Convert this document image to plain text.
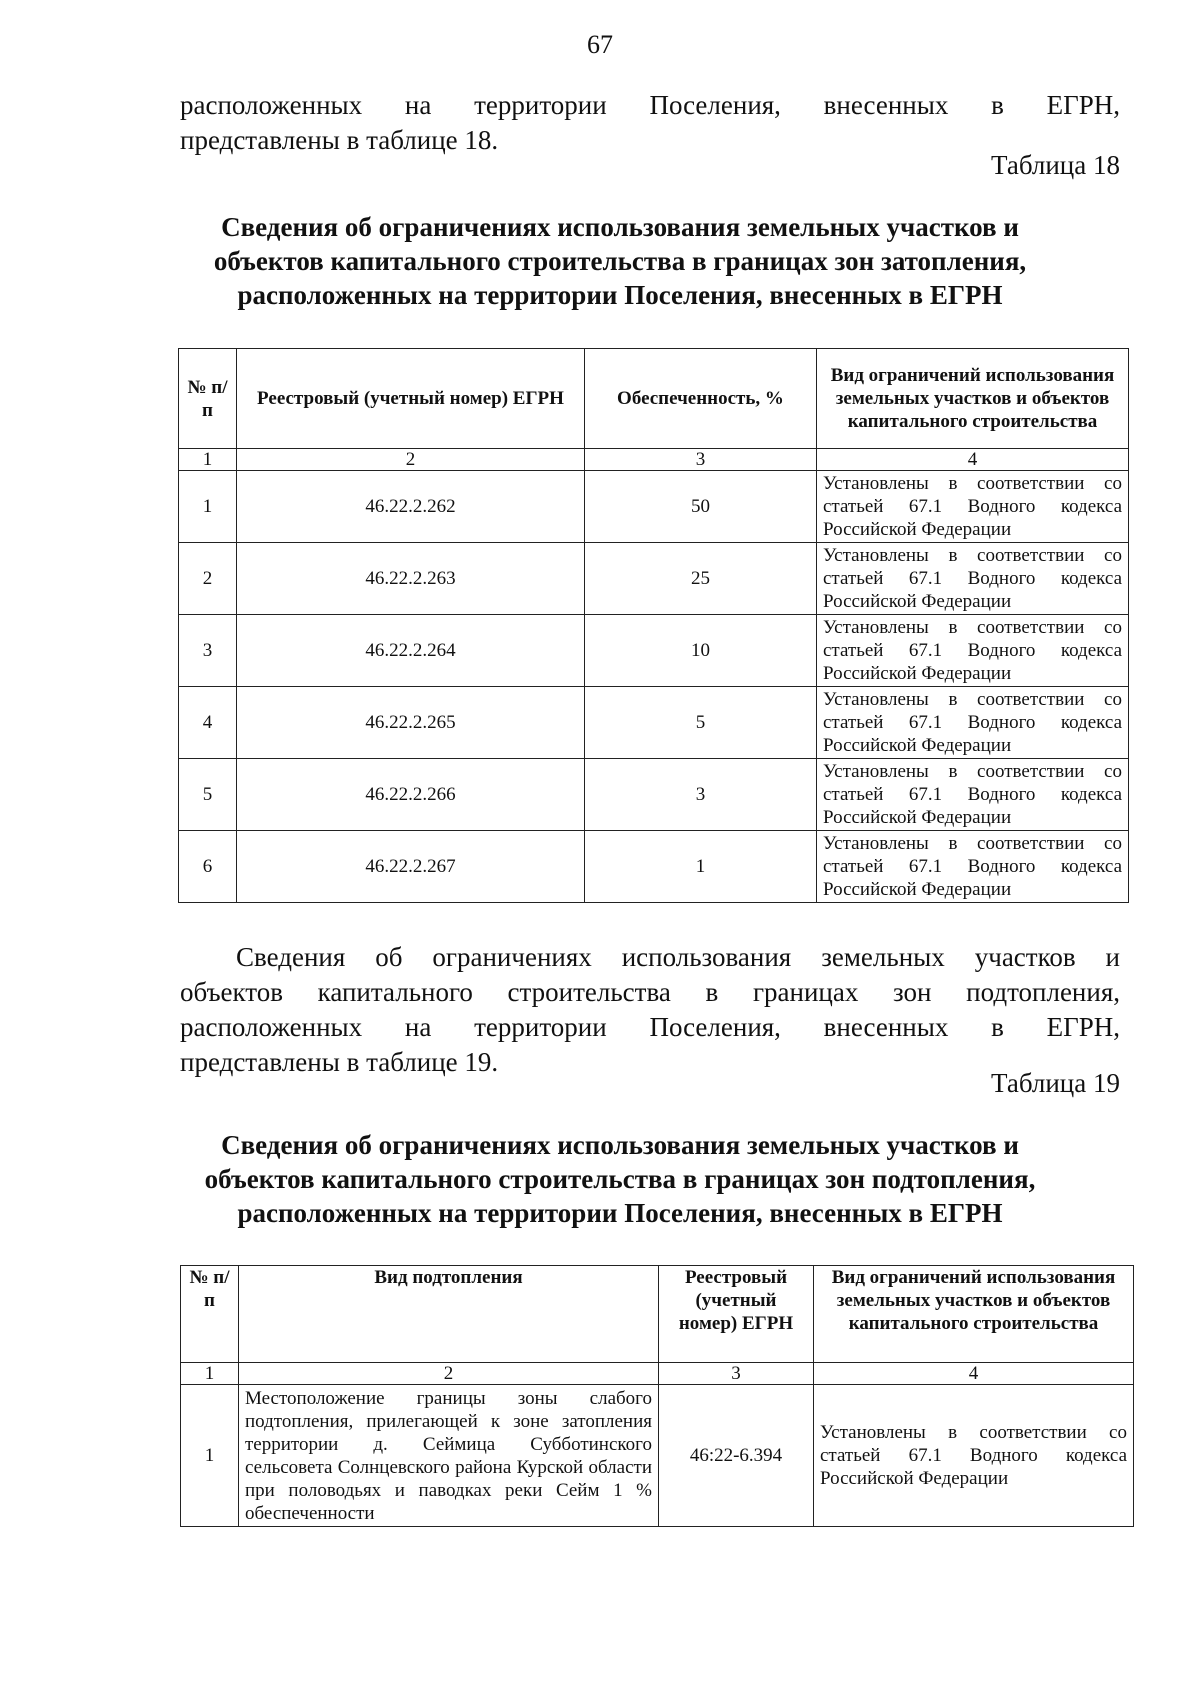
67
расположенных на территории Поселения, внесенных в ЕГРН,
представлены в таблице 18.
Таблица 18
Сведения об ограничениях использования земельных участков и
объектов капитального строительства в границах зон затопления,
расположенных на территории Поселения, внесенных в ЕГРН
№ п/п	Реестровый (учетный номер) ЕГРН	Обеспеченность, %	Вид ограничений использования земельных участков и объектов капитального строительства
1	2	3	4
1	46.22.2.262	50	Установлены в соответствии со статьей 67.1 Водного кодекса Российской Федерации
2	46.22.2.263	25	Установлены в соответствии со статьей 67.1 Водного кодекса Российской Федерации
3	46.22.2.264	10	Установлены в соответствии со статьей 67.1 Водного кодекса Российской Федерации
4	46.22.2.265	5	Установлены в соответствии со статьей 67.1 Водного кодекса Российской Федерации
5	46.22.2.266	3	Установлены в соответствии со статьей 67.1 Водного кодекса Российской Федерации
6	46.22.2.267	1	Установлены в соответствии со статьей 67.1 Водного кодекса Российской Федерации
Сведения об ограничениях использования земельных участков и
объектов капитального строительства в границах зон подтопления,
расположенных на территории Поселения, внесенных в ЕГРН,
представлены в таблице 19.
Таблица 19
Сведения об ограничениях использования земельных участков и
объектов капитального строительства в границах зон подтопления,
расположенных на территории Поселения, внесенных в ЕГРН
№ п/п	Вид подтопления	Реестровый (учетный номер) ЕГРН	Вид ограничений использования земельных участков и объектов капитального строительства
1	2	3	4
1	Местоположение границы зоны слабого подтопления, прилегающей к зоне затопления территории д. Сеймица Субботинского сельсовета Солнцевского района Курской области при половодьях и паводках реки Сейм 1 % обеспеченности	46:22-6.394	Установлены в соответствии со статьей 67.1 Водного кодекса Российской Федерации
